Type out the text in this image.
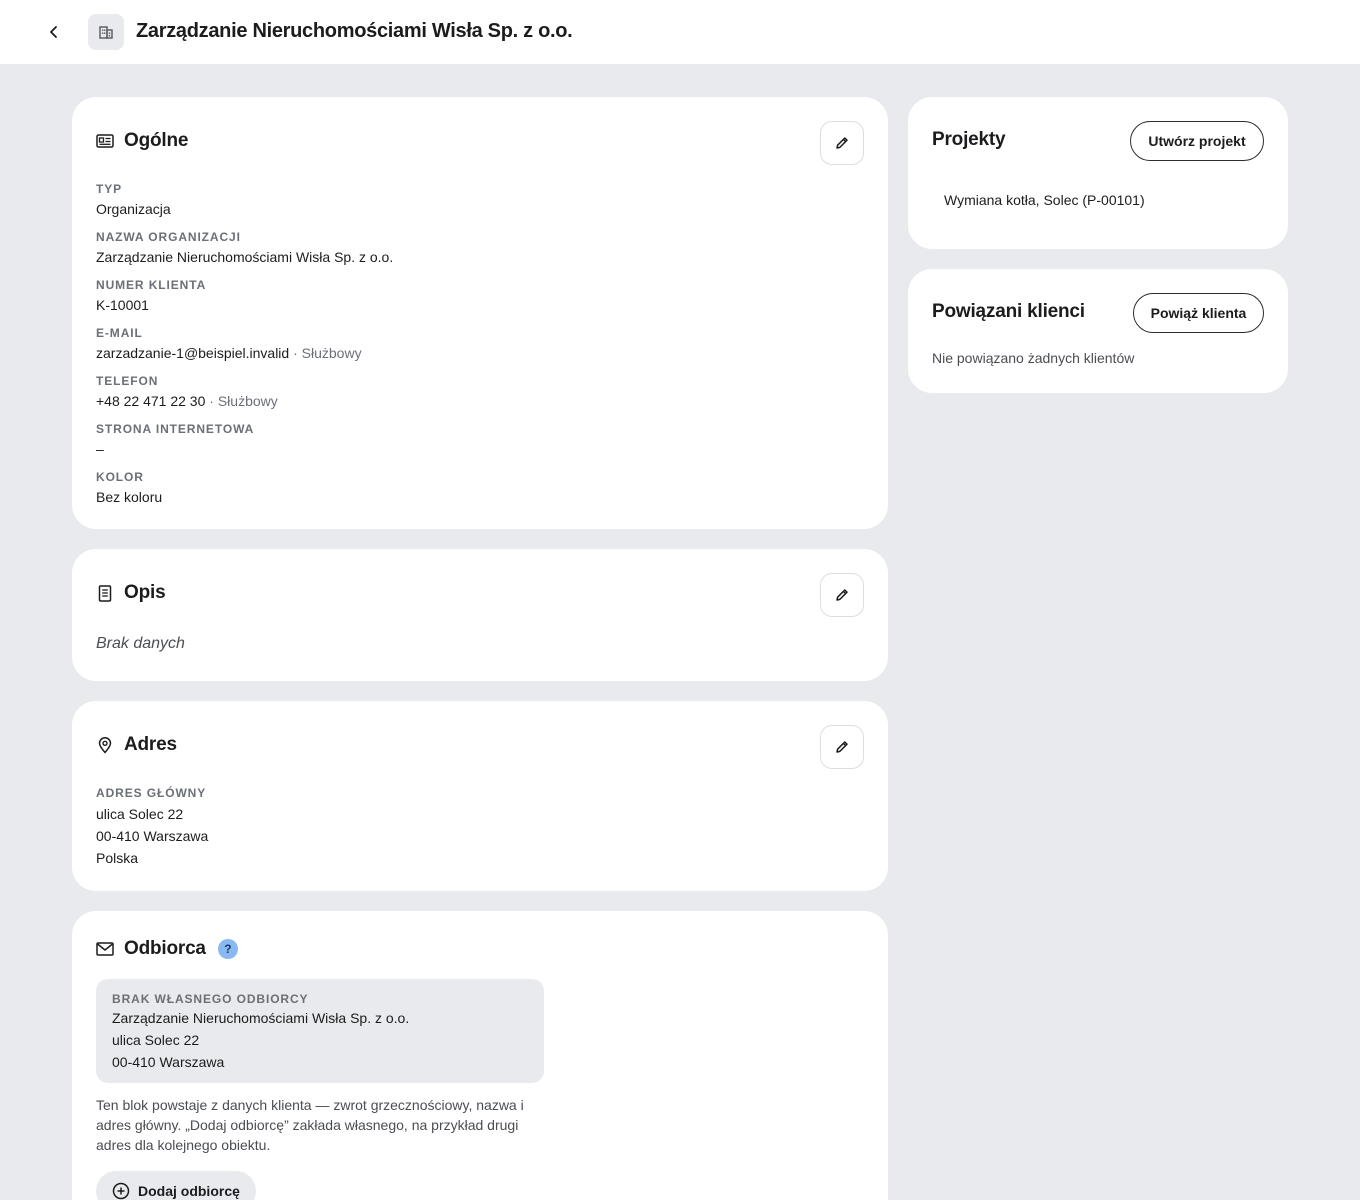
Zarządzanie Nieruchomościami Wisła Sp. z o.o.
Ogólne
TYP
Organizacja
NAZWA ORGANIZACJI
Zarządzanie Nieruchomościami Wisła Sp. z o.o.
NUMER KLIENTA
K-10001
E-MAIL
zarzadzanie-1@beispiel.invalid · Służbowy
TELEFON
+48 22 471 22 30 · Służbowy
STRONA INTERNETOWA
–
KOLOR
Bez koloru
Opis
Brak danych
Adres
ADRES GŁÓWNY
ulica Solec 22
00-410 Warszawa
Polska
Odbiorca	?
BRAK WŁASNEGO ODBIORCY
Zarządzanie Nieruchomościami Wisła Sp. z o.o.
ulica Solec 22
00-410 Warszawa
Ten blok powstaje z danych klienta — zwrot grzecznościowy, nazwa i adres główny. „Dodaj odbiorcę” zakłada własnego, na przykład drugi adres dla kolejnego obiektu.
Dodaj odbiorcę
Projekty	Utwórz projekt
Wymiana kotła, Solec (P-00101)
Powiązani klienci	Powiąż klienta
Nie powiązano żadnych klientów
